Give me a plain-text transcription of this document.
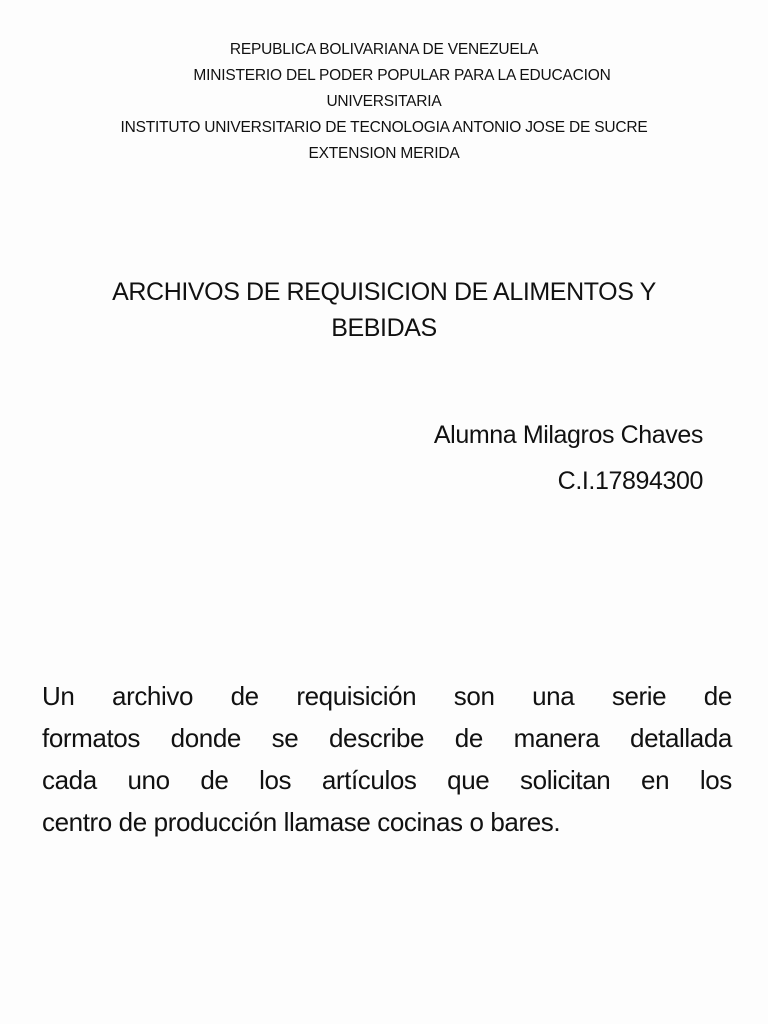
REPUBLICA BOLIVARIANA DE VENEZUELA
MINISTERIO DEL PODER POPULAR PARA LA EDUCACION
UNIVERSITARIA
INSTITUTO UNIVERSITARIO DE TECNOLOGIA ANTONIO JOSE DE SUCRE
EXTENSION MERIDA
ARCHIVOS DE REQUISICION DE ALIMENTOS Y
BEBIDAS
Alumna Milagros Chaves
C.I.17894300
Un archivo de requisición son una serie de
formatos donde se describe de manera detallada
cada uno de los artículos que solicitan en los
centro de producción llamase cocinas o bares.
